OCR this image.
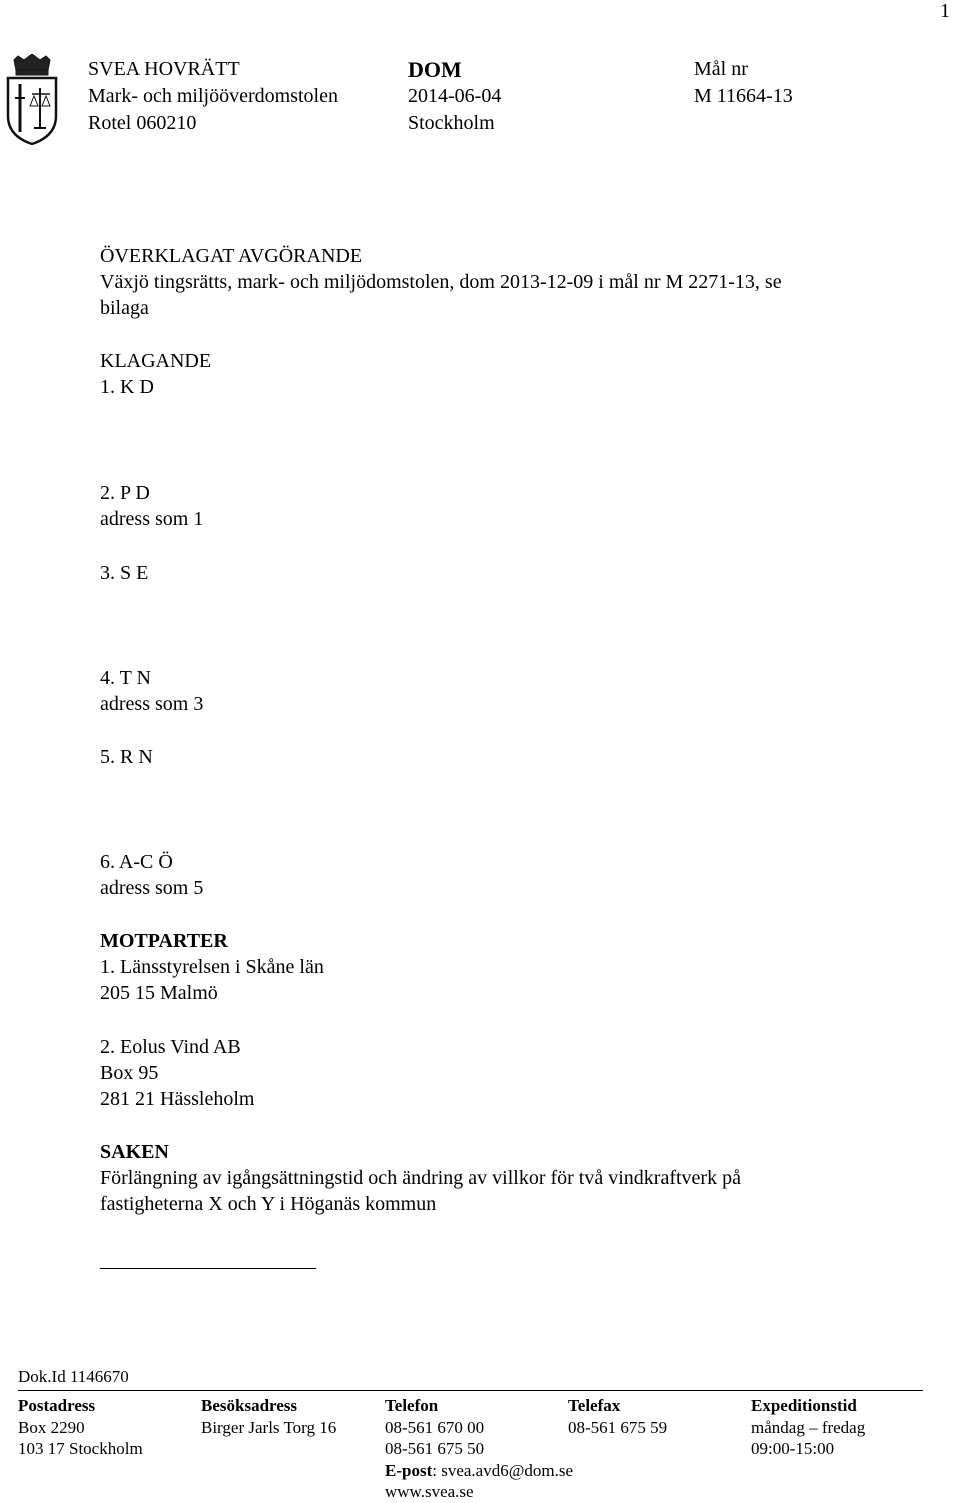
1
SVEA HOVRÄTT
Mark- och miljööverdomstolen
Rotel 060210
DOM
2014-06-04
Stockholm
Mål nr
M 11664-13
ÖVERKLAGAT AVGÖRANDE
Växjö tingsrätts, mark- och miljödomstolen, dom 2013-12-09 i mål nr M 2271-13, se
bilaga
KLAGANDE
1. K D
2. P D
adress som 1
3. S E
4. T N
adress som 3
5. R N
6. A-C Ö
adress som 5
MOTPARTER
1. Länsstyrelsen i Skåne län
205 15 Malmö
2. Eolus Vind AB
Box 95
281 21 Hässleholm
SAKEN
Förlängning av igångsättningstid och ändring av villkor för två vindkraftverk på
fastigheterna X och Y i Höganäs kommun
Dok.Id 1146670
Postadress
Box 2290
103 17 Stockholm
Besöksadress
Birger Jarls Torg 16
Telefon
08-561 670 00
08-561 675 50
E-post: svea.avd6@dom.se
www.svea.se
Telefax
08-561 675 59
Expeditionstid
måndag – fredag
09:00-15:00
